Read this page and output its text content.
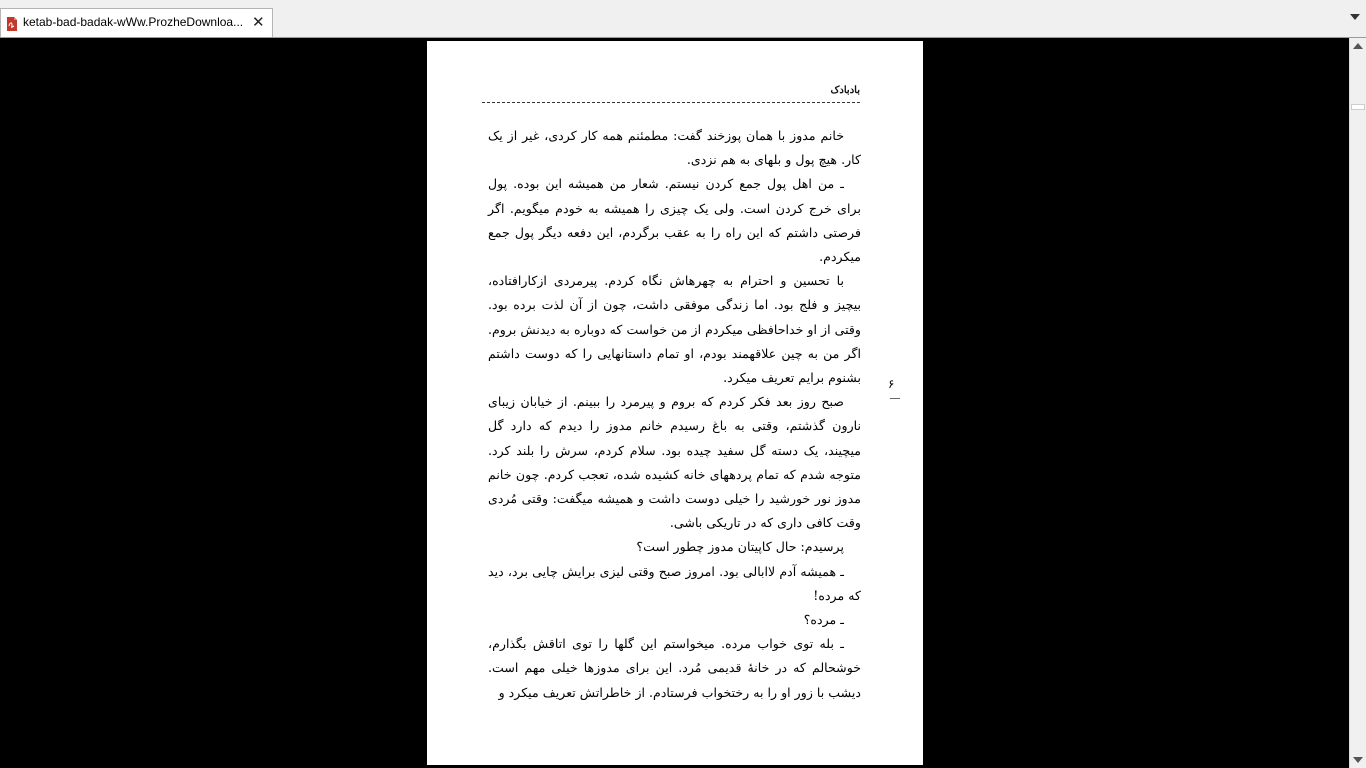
ketab-bad-badak-wWw.ProzheDownloa... ✕
بادبادک

خانم مدوز با همان پوزخند گفت: مطمئنم همه کار کردی، غیر از یک کار. هیچ پول و بلهای به هم نزدی.

ـ من اهل پول جمع کردن نیستم. شعار من همیشه این بوده. پول برای خرج کردن است. ولی یک چیزی را همیشه به خودم میگویم. اگر فرصتی داشتم که این راه را به عقب برگردم، این دفعه دیگر پول جمع میکردم.

با تحسین و احترام به چهرهاش نگاه کردم. پیرمردی ازکارافتاده، بیچیز و فلج بود. اما زندگی موفقی داشت، چون از آن لذت برده بود. وقتی از او خداحافظی میکردم از من خواست که دوباره به دیدنش بروم. اگر من به چین علاقهمند بودم، او تمام داستانهایی را که دوست داشتم بشنوم برایم تعریف میکرد.

صبح روز بعد فکر کردم که بروم و پیرمرد را ببینم. از خیابان زیبای نارون گذشتم، وقتی به باغ رسیدم خانم مدوز را دیدم که دارد گل میچیند، یک دسته گل سفید چیده بود. سلام کردم، سرش را بلند کرد. متوجه شدم که تمام پردههای خانه کشیده شده، تعجب کردم. چون خانم مدوز نور خورشید را خیلی دوست داشت و همیشه میگفت: وقتی مُردی وقت کافی داری که در تاریکی باشی.

پرسیدم: حال کاپیتان مدوز چطور است؟

ـ همیشه آدم لاابالی بود. امروز صبح وقتی لیزی برایش چایی برد، دید که مرده!

ـ مرده؟

ـ بله توی خواب مرده. میخواستم این گلها را توی اتاقش بگذارم، خوشحالم که در خانهٔ قدیمی مُرد. این برای مدوزها خیلی مهم است. دیشب با زور او را به رختخواب فرستادم. از خاطراتش تعریف میکرد و

۶
